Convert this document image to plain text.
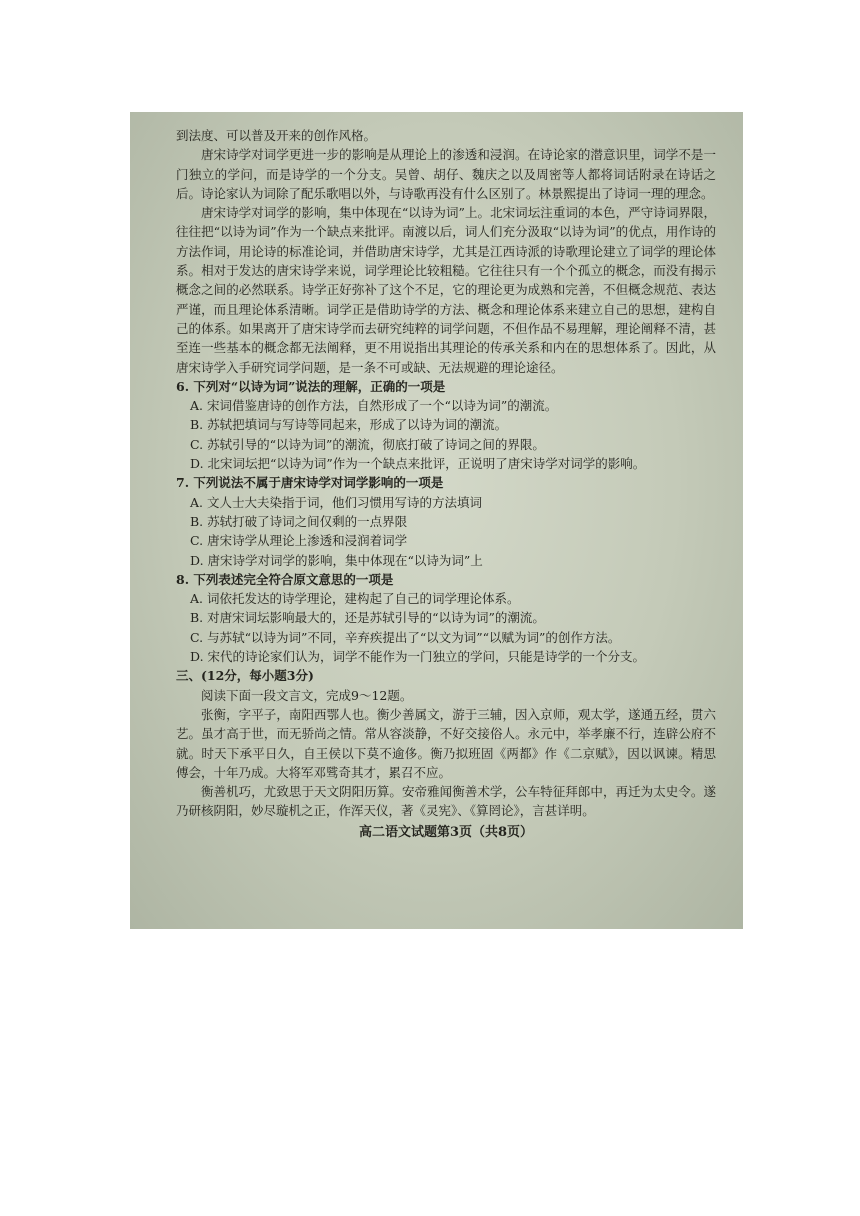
到法度、可以普及开来的创作风格。

唐宋诗学对词学更进一步的影响是从理论上的渗透和浸润。在诗论家的潜意识里，词学不是一门独立的学问，而是诗学的一个分支。吴曾、胡仔、魏庆之以及周密等人都将词话附录在诗话之后。诗论家认为词除了配乐歌唱以外，与诗歌再没有什么区别了。林景熙提出了诗词一理的理念。

唐宋诗学对词学的影响，集中体现在“以诗为词”上。北宋词坛注重词的本色，严守诗词界限，往往把“以诗为词”作为一个缺点来批评。南渡以后，词人们充分汲取“以诗为词”的优点，用作诗的方法作词，用论诗的标准论词，并借助唐宋诗学，尤其是江西诗派的诗歌理论建立了词学的理论体系。相对于发达的唐宋诗学来说，词学理论比较粗糙。它往往只有一个个孤立的概念，而没有揭示概念之间的必然联系。诗学正好弥补了这个不足，它的理论更为成熟和完善，不但概念规范、表达严谨，而且理论体系清晰。词学正是借助诗学的方法、概念和理论体系来建立自己的思想，建构自己的体系。如果离开了唐宋诗学而去研究纯粹的词学问题，不但作品不易理解，理论阐释不清，甚至连一些基本的概念都无法阐释，更不用说指出其理论的传承关系和内在的思想体系了。因此，从唐宋诗学入手研究词学问题，是一条不可或缺、无法规避的理论途径。

6. 下列对“以诗为词”说法的理解，正确的一项是

A. 宋词借鉴唐诗的创作方法，自然形成了一个“以诗为词”的潮流。

B. 苏轼把填词与写诗等同起来，形成了以诗为词的潮流。

C. 苏轼引导的“以诗为词”的潮流，彻底打破了诗词之间的界限。

D. 北宋词坛把“以诗为词”作为一个缺点来批评，正说明了唐宋诗学对词学的影响。

7. 下列说法不属于唐宋诗学对词学影响的一项是

A. 文人士大夫染指于词，他们习惯用写诗的方法填词

B. 苏轼打破了诗词之间仅剩的一点界限

C. 唐宋诗学从理论上渗透和浸润着词学

D. 唐宋诗学对词学的影响，集中体现在“以诗为词”上

8. 下列表述完全符合原文意思的一项是

A. 词依托发达的诗学理论，建构起了自己的词学理论体系。

B. 对唐宋词坛影响最大的，还是苏轼引导的“以诗为词”的潮流。

C. 与苏轼“以诗为词”不同，辛弃疾提出了“以文为词”“以赋为词”的创作方法。

D. 宋代的诗论家们认为，词学不能作为一门独立的学问，只能是诗学的一个分支。

三、(12分，每小题3分)

阅读下面一段文言文，完成9～12题。

张衡，字平子，南阳西鄂人也。衡少善属文，游于三辅，因入京师，观太学，遂通五经，贯六艺。虽才高于世，而无骄尚之情。常从容淡静，不好交接俗人。永元中，举孝廉不行，连辟公府不就。时天下承平日久，自王侯以下莫不逾侈。衡乃拟班固《两都》作《二京赋》，因以讽谏。精思傅会，十年乃成。大将军邓骘奇其才，累召不应。

衡善机巧，尤致思于天文阴阳历算。安帝雅闻衡善术学，公车特征拜郎中，再迁为太史令。遂乃研核阴阳，妙尽璇机之正，作浑天仪，著《灵宪》、《算罔论》，言甚详明。

高二语文试题第3页（共8页）
